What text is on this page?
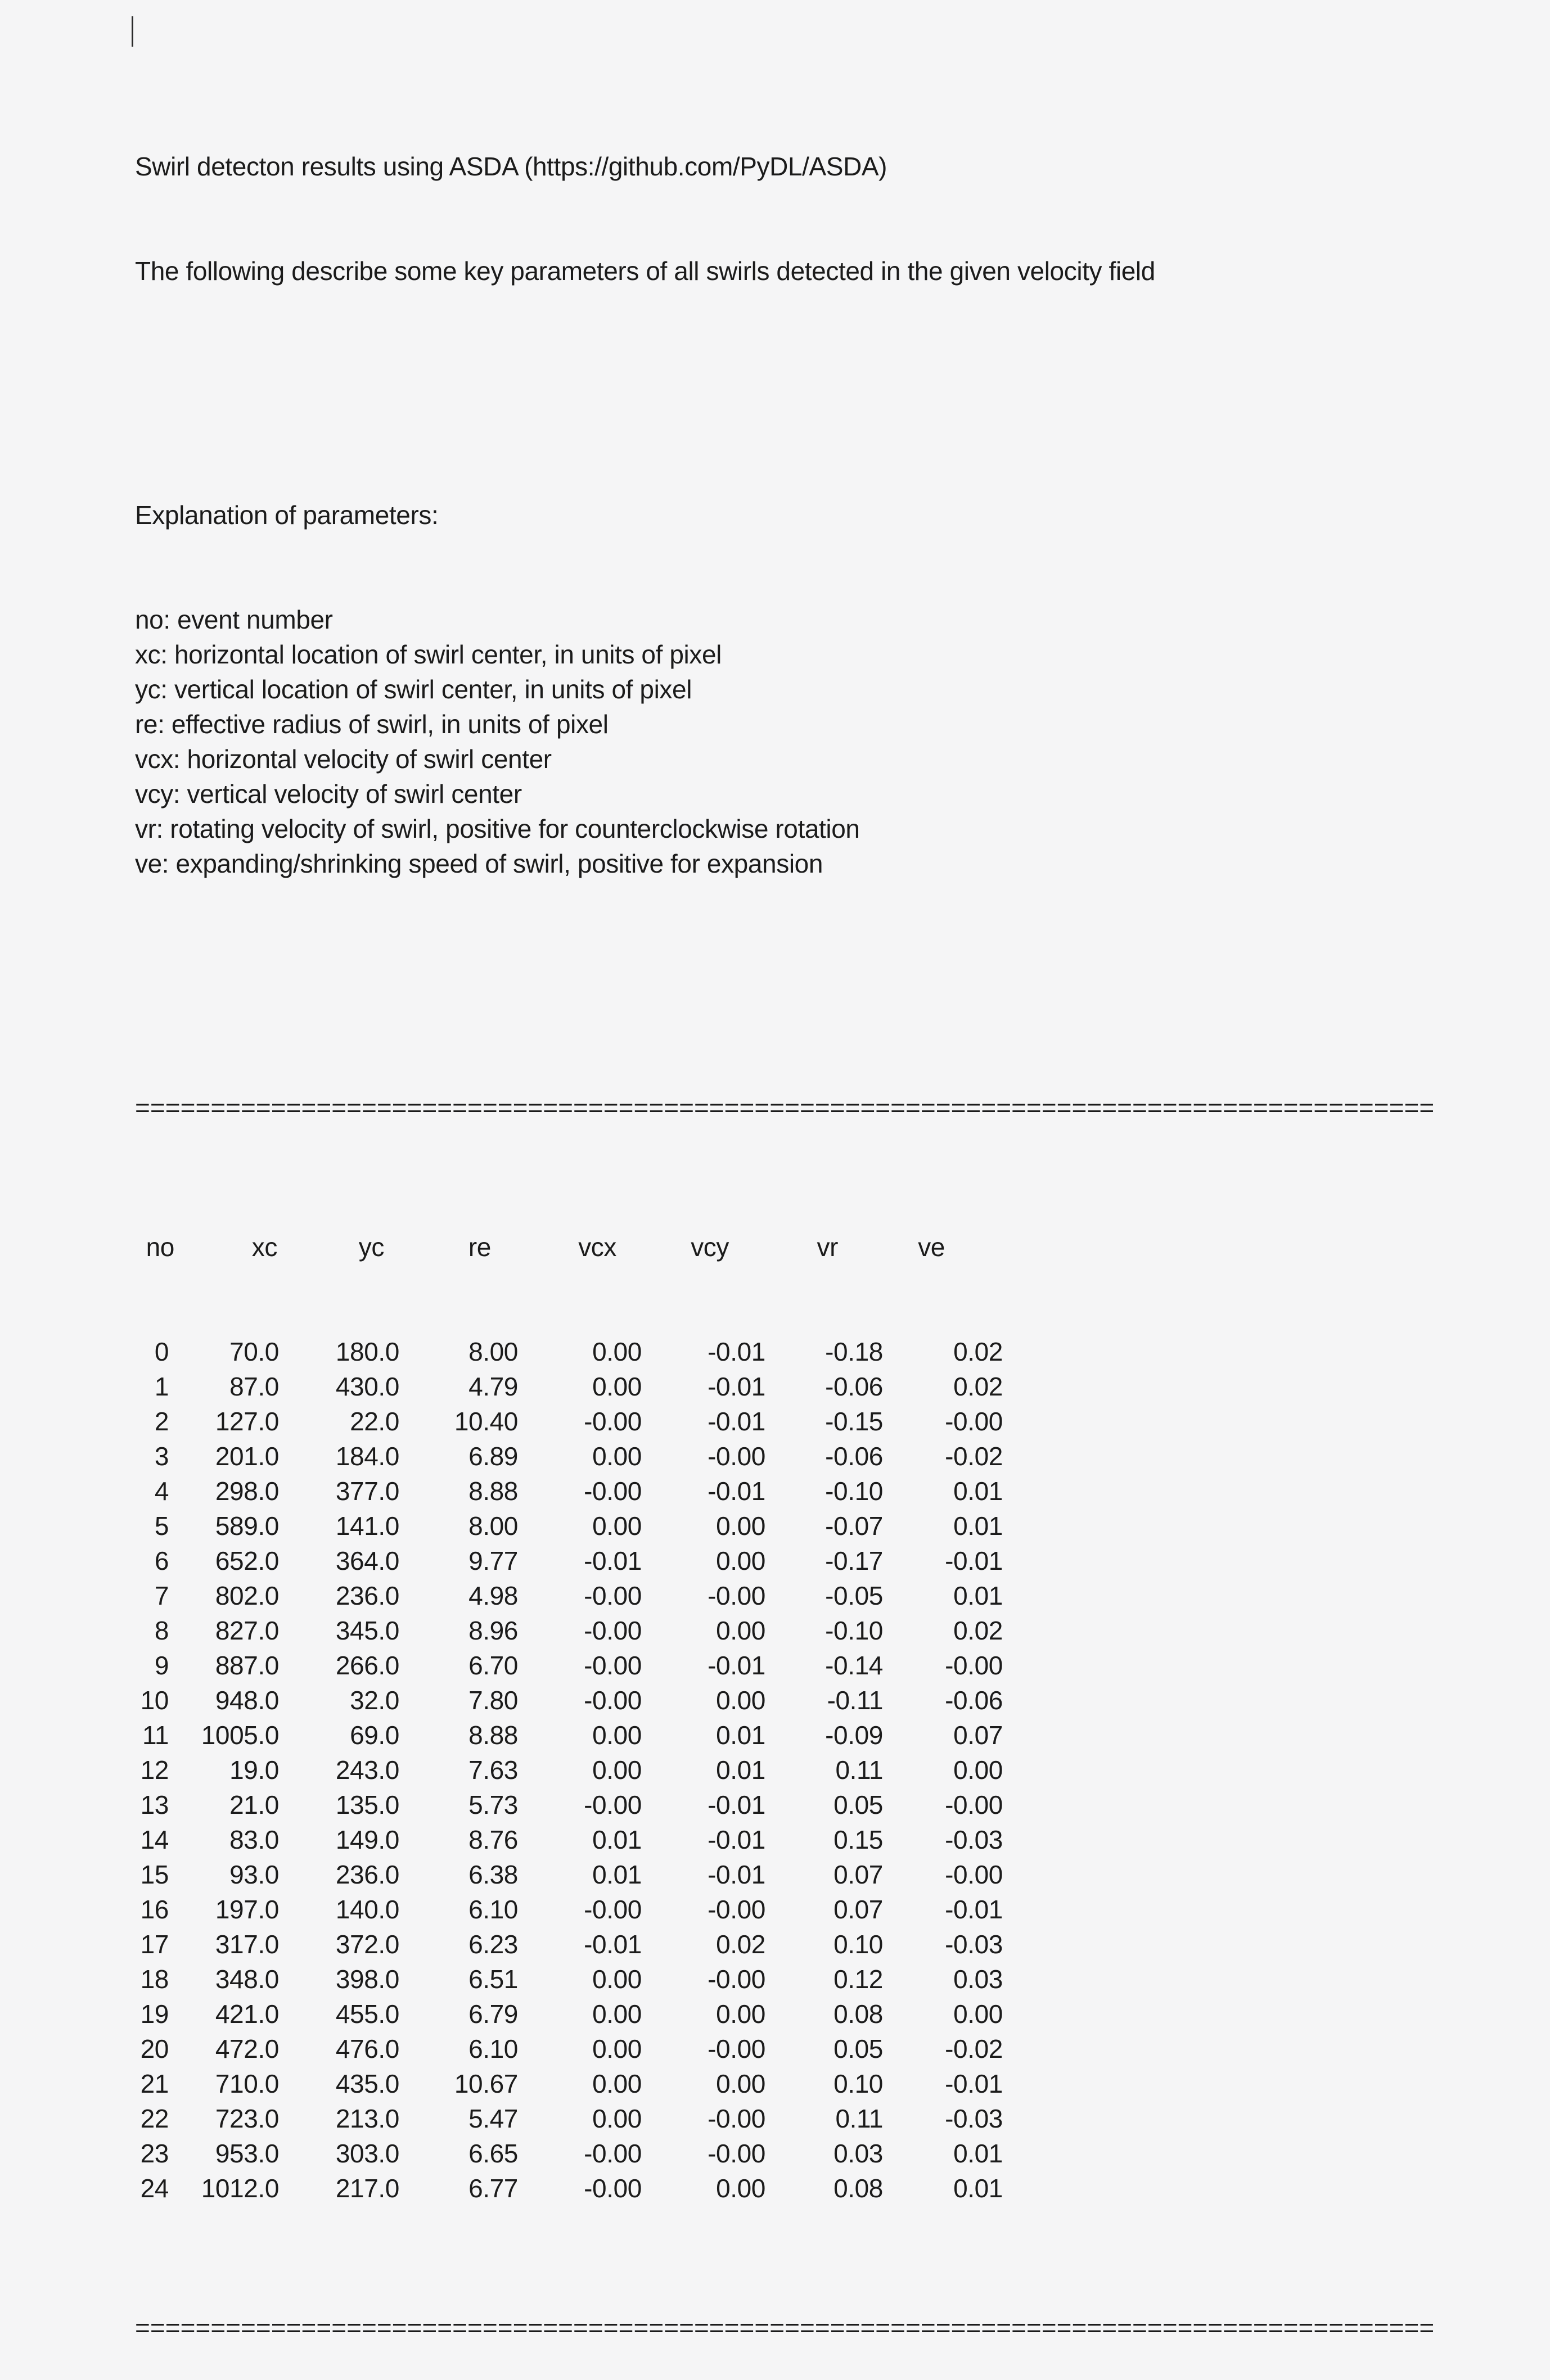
Swirl detecton results using ASDA (https://github.com/PyDL/ASDA)

The following describe some key parameters of all swirls detected in the given velocity field

Explanation of parameters:

no: event number
xc: horizontal location of swirl center, in units of pixel
yc: vertical location of swirl center, in units of pixel
re: effective radius of swirl, in units of pixel
vcx: horizontal velocity of swirl center
vcy: vertical velocity of swirl center
vr: rotating velocity of swirl, positive for counterclockwise rotation
ve: expanding/shrinking speed of swirl, positive for expansion

======================================================================================

no	xc	yc	re	vcx	vcy	vr	ve

0	70.0	180.0	8.00	0.00	-0.01	-0.18	0.02
1	87.0	430.0	4.79	0.00	-0.01	-0.06	0.02
2	127.0	22.0	10.40	-0.00	-0.01	-0.15	-0.00
3	201.0	184.0	6.89	0.00	-0.00	-0.06	-0.02
4	298.0	377.0	8.88	-0.00	-0.01	-0.10	0.01
5	589.0	141.0	8.00	0.00	0.00	-0.07	0.01
6	652.0	364.0	9.77	-0.01	0.00	-0.17	-0.01
7	802.0	236.0	4.98	-0.00	-0.00	-0.05	0.01
8	827.0	345.0	8.96	-0.00	0.00	-0.10	0.02
9	887.0	266.0	6.70	-0.00	-0.01	-0.14	-0.00
10	948.0	32.0	7.80	-0.00	0.00	-0.11	-0.06
11	1005.0	69.0	8.88	0.00	0.01	-0.09	0.07
12	19.0	243.0	7.63	0.00	0.01	0.11	0.00
13	21.0	135.0	5.73	-0.00	-0.01	0.05	-0.00
14	83.0	149.0	8.76	0.01	-0.01	0.15	-0.03
15	93.0	236.0	6.38	0.01	-0.01	0.07	-0.00
16	197.0	140.0	6.10	-0.00	-0.00	0.07	-0.01
17	317.0	372.0	6.23	-0.01	0.02	0.10	-0.03
18	348.0	398.0	6.51	0.00	-0.00	0.12	0.03
19	421.0	455.0	6.79	0.00	0.00	0.08	0.00
20	472.0	476.0	6.10	0.00	-0.00	0.05	-0.02
21	710.0	435.0	10.67	0.00	0.00	0.10	-0.01
22	723.0	213.0	5.47	0.00	-0.00	0.11	-0.03
23	953.0	303.0	6.65	-0.00	-0.00	0.03	0.01
24	1012.0	217.0	6.77	-0.00	0.00	0.08	0.01

======================================================================================
